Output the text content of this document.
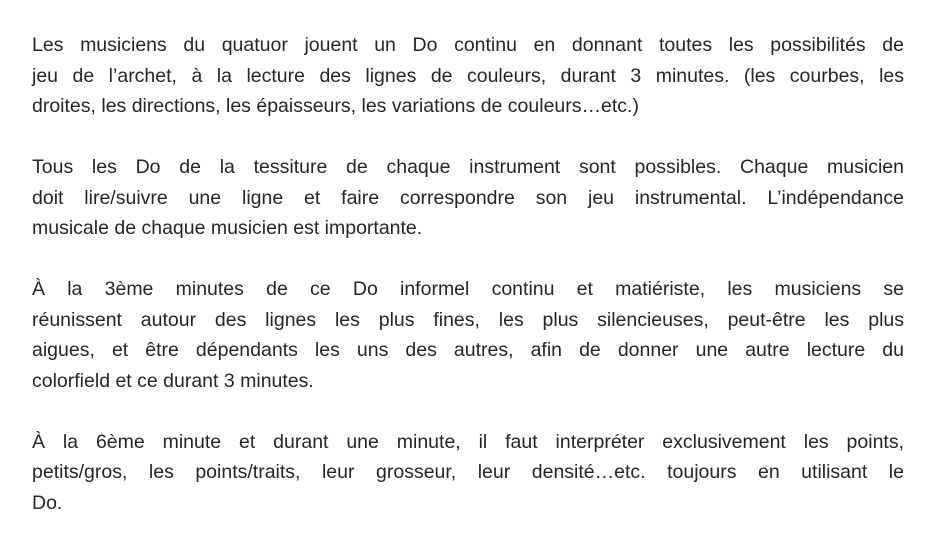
Les musiciens du quatuor jouent un Do continu en donnant toutes les possibilités de
jeu de l’archet, à la lecture des lignes de couleurs, durant 3 minutes. (les courbes, les
droites, les directions, les épaisseurs, les variations de couleurs…etc.)

Tous les Do de la tessiture de chaque instrument sont possibles. Chaque musicien
doit lire/suivre une ligne et faire correspondre son jeu instrumental. L’indépendance
musicale de chaque musicien est importante.

À la 3ème minutes de ce Do informel continu et matiériste, les musiciens se
réunissent autour des lignes les plus fines, les plus silencieuses, peut-être les plus
aigues, et être dépendants les uns des autres, afin de donner une autre lecture du
colorfield et ce durant 3 minutes.

À la 6ème minute et durant une minute, il faut interpréter exclusivement les points,
petits/gros, les points/traits, leur grosseur, leur densité…etc. toujours en utilisant le
Do.
